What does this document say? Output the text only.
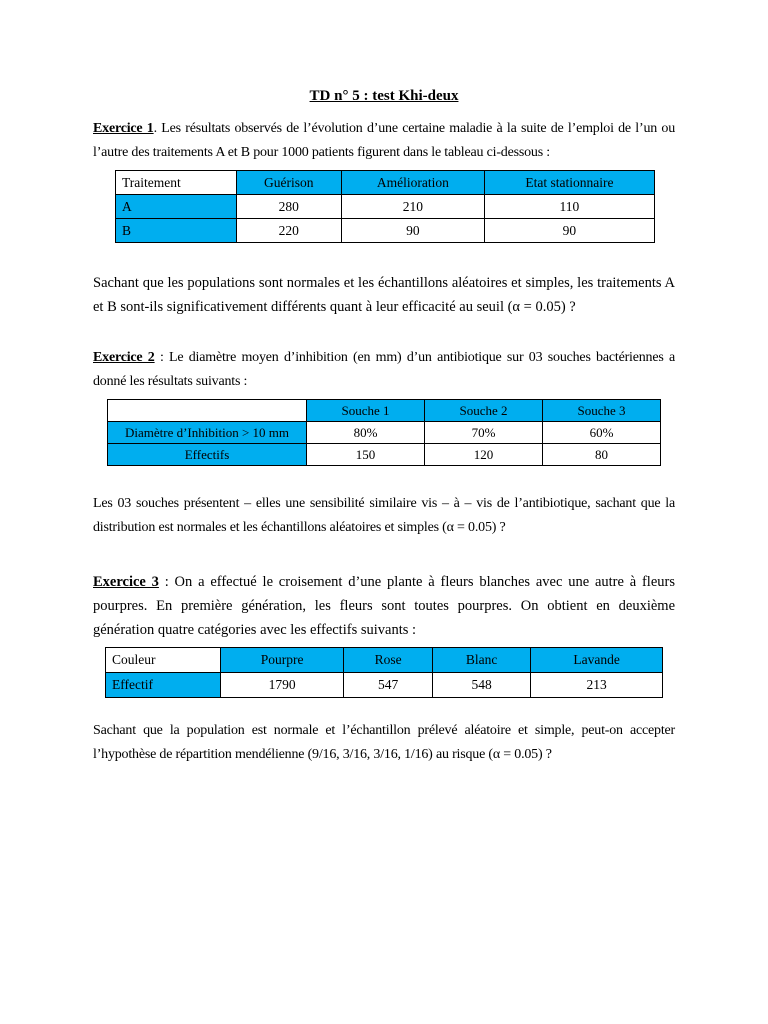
TD n° 5 : test Khi-deux
Exercice 1. Les résultats observés de l’évolution d’une certaine maladie à la suite de l’emploi de l’un ou l’autre des traitements A et B pour 1000 patients figurent dans le tableau ci-dessous :
Traitement	Guérison	Amélioration	Etat stationnaire
A	280	210	110
B	220	90	90
Sachant que les populations sont normales et les échantillons aléatoires et simples, les traitements A et B sont-ils significativement différents quant à leur efficacité au seuil (α = 0.05) ?
Exercice 2 : Le diamètre moyen d’inhibition (en mm) d’un antibiotique sur 03 souches bactériennes a donné les résultats suivants :
	Souche 1	Souche 2	Souche 3
Diamètre d’Inhibition > 10 mm	80%	70%	60%
Effectifs	150	120	80
Les 03 souches présentent – elles une sensibilité similaire vis – à – vis de l’antibiotique, sachant que la distribution est normales et les échantillons aléatoires et simples (α = 0.05) ?
Exercice 3 : On a effectué le croisement d’une plante à fleurs blanches avec une autre à fleurs pourpres. En première génération, les fleurs sont toutes pourpres. On obtient en deuxième génération quatre catégories avec les effectifs suivants :
Couleur	Pourpre	Rose	Blanc	Lavande
Effectif	1790	547	548	213
Sachant que la population est normale et l’échantillon prélevé aléatoire et simple, peut-on accepter l’hypothèse de répartition mendélienne (9/16, 3/16, 3/16, 1/16) au risque (α = 0.05) ?
